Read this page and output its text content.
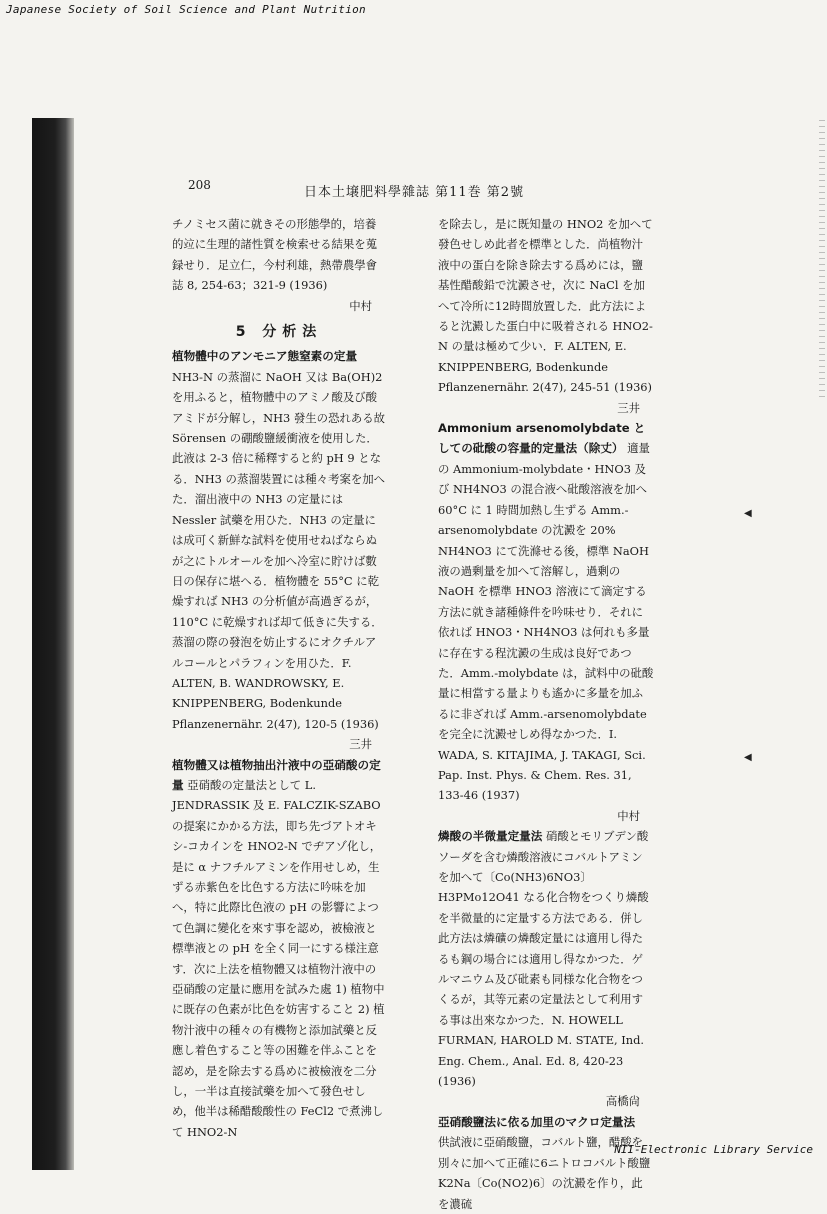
Japanese Society of Soil Science and Plant Nutrition
208	日本土壌肥料學雜誌 第11巻 第2號

チノミセス菌に就きその形態學的，培養的竝に生理的諸性質を検索せる結果を蒐録せり．足立仁，今村利雄，熱帶農學會誌 8, 254-63；321-9 (1936)
中村

5 分析法

植物體中のアンモニア態窒素の定量
NH3-N の蒸溜に NaOH 又は Ba(OH)2 を用ふると，植物體中のアミノ酸及び酸アミドが分解し，NH3 發生の恐れある故 Sörensen の硼酸鹽緩衝液を使用した．此液は 2-3 倍に稀釋すると約 pH 9 となる．NH3 の蒸溜裝置には種々考案を加へた．溜出液中の NH3 の定量には Nessler 試藥を用ひた．NH3 の定量には成可く新鮮な試料を使用せねばならぬが之にトルオールを加へ冷室に貯けば數日の保存に堪へる．植物體を 55°C に乾燥すれば NH3 の分析値が高過ぎるが，110°C に乾燥すれば却て低きに失する．蒸溜の際の發泡を妨止するにオクチルアルコールとパラフィンを用ひた．F. ALTEN, B. WANDROWSKY, E. KNIPPENBERG, Bodenkunde Pflanzenernähr. 2(47), 120-5 (1936)
三井

植物體又は植物抽出汁液中の亞硝酸の定量 亞硝酸の定量法として L. JENDRASSIK 及 E. FALCZIK-SZABO の提案にかかる方法，即ち先づアトオキシ-コカインを HNO2-N でヂアゾ化し，是に α ナフチルアミンを作用せしめ，生ずる赤紫色を比色する方法に吟味を加へ，特に此際比色液の pH の影響によつて色調に變化を來す事を認め，被檢液と標準液との pH を全く同一にする様注意す．次に上法を植物體又は植物汁液中の亞硝酸の定量に應用を試みた處 1) 植物中に既存の色素が比色を妨害すること 2) 植物汁液中の種々の有機物と添加試藥と反應し着色すること等の困難を伴ふことを認め，是を除去する爲めに被檢液を二分し，一半は直接試藥を加へて發色せしめ，他半は稀醋酸酸性の FeCl2 で煮沸して HNO2-N

を除去し，是に既知量の HNO2 を加へて發色せしめ此者を標準とした．尚植物汁液中の蛋白を除き除去する爲めには，鹽基性醋酸鉛で沈澱させ，次に NaCl を加へて冷所に12時間放置した．此方法によると沈澱した蛋白中に吸着される HNO2-N の量は極めて少い．F. ALTEN, E. KNIPPENBERG, Bodenkunde Pflanzenernähr. 2(47), 245-51 (1936)
三井

Ammonium arsenomolybdate としての砒酸の容量的定量法（除丈） 適量の Ammonium-molybdate・HNO3 及び NH4NO3 の混合液へ砒酸溶液を加へ 60°C に 1 時間加熱し生ずる Amm.-arsenomolybdate の沈澱を 20% NH4NO3 にて洗滌せる後，標準 NaOH 液の過剰量を加へて溶解し，過剰の NaOH を標準 HNO3 溶液にて滴定する方法に就き諸種條件を吟味せり．それに依れば HNO3・NH4NO3 は何れも多量に存在する程沈澱の生成は良好であつた．Amm.-molybdate は，試料中の砒酸量に相當する量よりも遙かに多量を加ふるに非ざれば Amm.-arsenomolybdate を完全に沈澱せしめ得なかつた．I. WADA, S. KITAJIMA, J. TAKAGI, Sci. Pap. Inst. Phys. & Chem. Res. 31, 133-46 (1937)
中村

燐酸の半微量定量法 硝酸とモリブデン酸ソーダを含む燐酸溶液にコバルトアミンを加へて〔Co(NH3)6NO3〕H3PMo12O41 なる化合物をつくり燐酸を半微量的に定量する方法である．併し此方法は燐礦の燐酸定量には適用し得たるも鋼の場合には適用し得なかつた．ゲルマニウム及び砒素も同様な化合物をつくるが，其等元素の定量法として利用する事は出來なかつた．N. HOWELL FURMAN, HAROLD M. STATE, Ind. Eng. Chem., Anal. Ed. 8, 420-23 (1936)
高橋尙

亞硝酸鹽法に依る加里のマクロ定量法
供試液に亞硝酸鹽，コバルト鹽，醋酸を別々に加へて正確に6ニトロコバルト酸鹽 K2Na〔Co(NO2)6〕の沈澱を作り，此を濃硫

◀
◀
NII-Electronic Library Service
